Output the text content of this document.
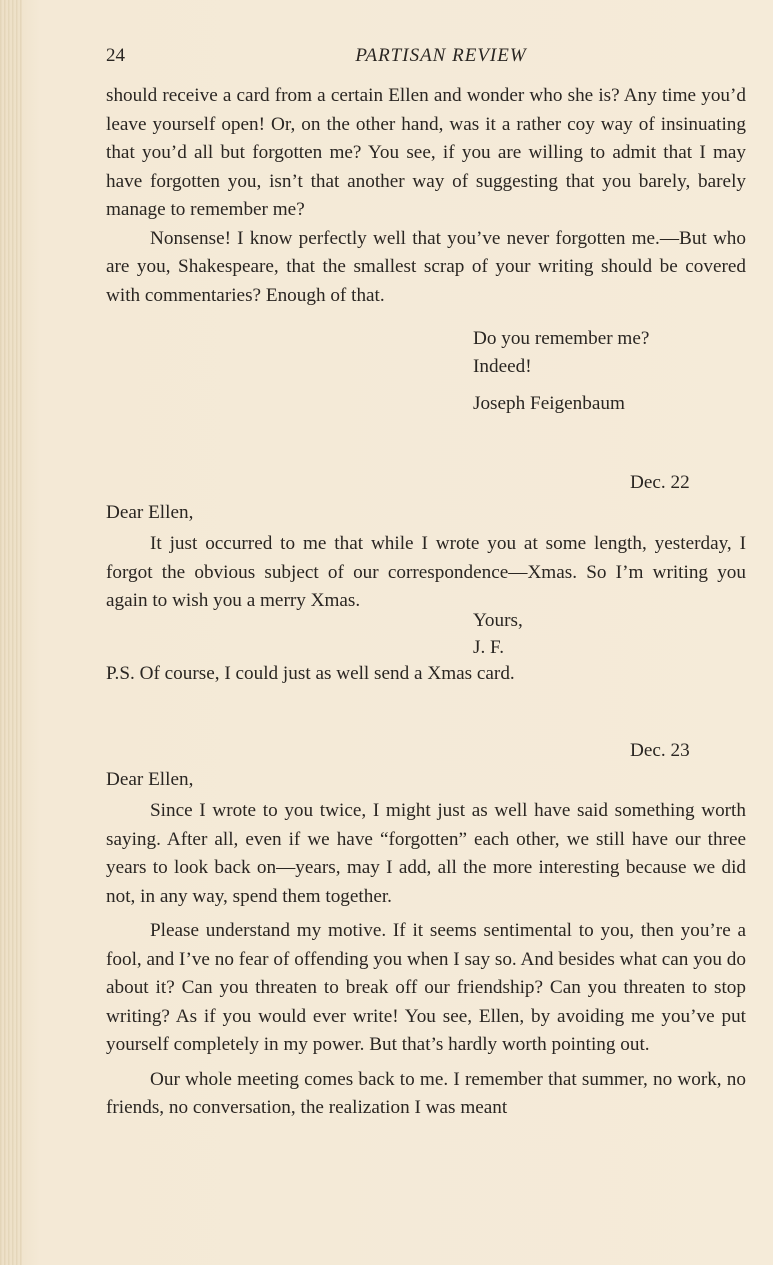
24	PARTISAN REVIEW

should receive a card from a certain Ellen and wonder who she is? Any time you’d leave yourself open! Or, on the other hand, was it a rather coy way of insinuating that you’d all but forgotten me? You see, if you are willing to admit that I may have forgotten you, isn’t that another way of suggesting that you barely, barely manage to remember me?

Nonsense! I know perfectly well that you’ve never forgotten me.—But who are you, Shakespeare, that the smallest scrap of your writing should be covered with commentaries? Enough of that.

Do you remember me?
Indeed!
Joseph Feigenbaum
Dec. 22
Dear Ellen,

It just occurred to me that while I wrote you at some length, yesterday, I forgot the obvious subject of our correspondence—Xmas. So I’m writing you again to wish you a merry Xmas.

Yours,
J. F.
P.S. Of course, I could just as well send a Xmas card.
Dec. 23
Dear Ellen,

Since I wrote to you twice, I might just as well have said something worth saying. After all, even if we have “forgotten” each other, we still have our three years to look back on—years, may I add, all the more interesting because we did not, in any way, spend them together.

Please understand my motive. If it seems sentimental to you, then you’re a fool, and I’ve no fear of offending you when I say so. And besides what can you do about it? Can you threaten to break off our friendship? Can you threaten to stop writing? As if you would ever write! You see, Ellen, by avoiding me you’ve put yourself completely in my power. But that’s hardly worth pointing out.

Our whole meeting comes back to me. I remember that summer, no work, no friends, no conversation, the realization I was meant
